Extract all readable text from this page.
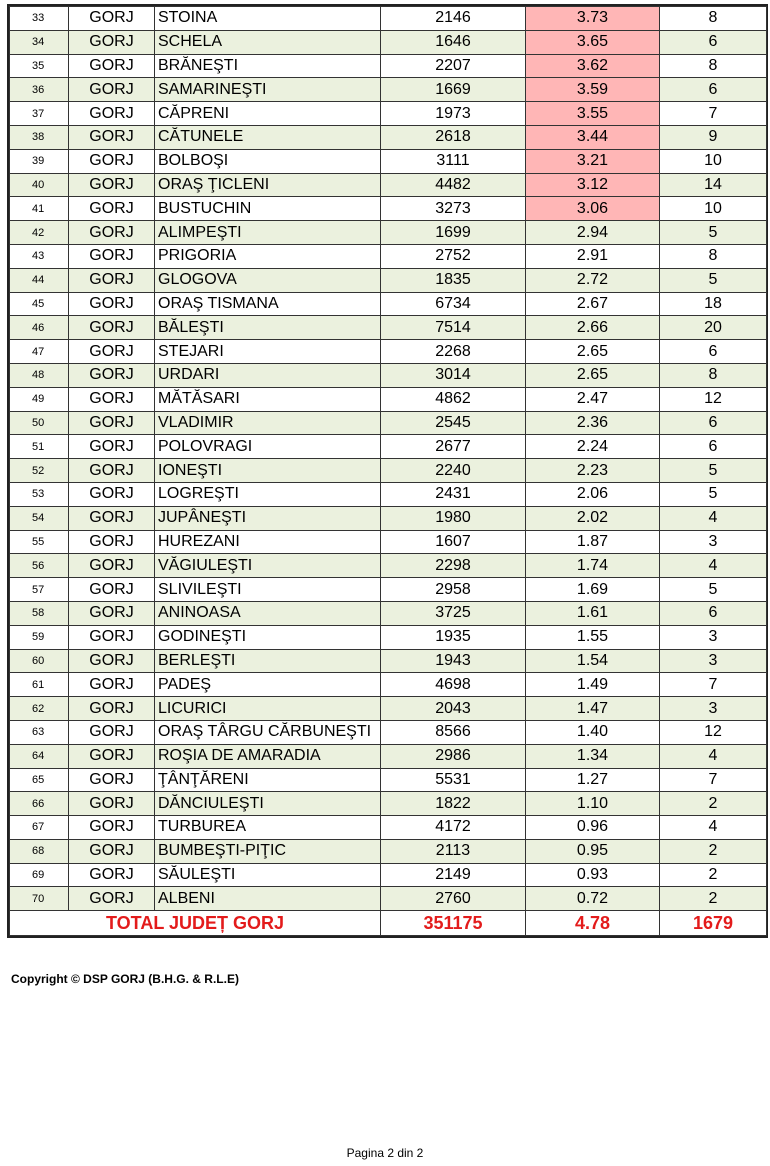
33	GORJ	STOINA	2146	3.73	8
34	GORJ	SCHELA	1646	3.65	6
35	GORJ	BRĂNEŞTI	2207	3.62	8
36	GORJ	SAMARINEŞTI	1669	3.59	6
37	GORJ	CĂPRENI	1973	3.55	7
38	GORJ	CĂTUNELE	2618	3.44	9
39	GORJ	BOLBOŞI	3111	3.21	10
40	GORJ	ORAŞ ŢICLENI	4482	3.12	14
41	GORJ	BUSTUCHIN	3273	3.06	10
42	GORJ	ALIMPEŞTI	1699	2.94	5
43	GORJ	PRIGORIA	2752	2.91	8
44	GORJ	GLOGOVA	1835	2.72	5
45	GORJ	ORAŞ TISMANA	6734	2.67	18
46	GORJ	BĂLEŞTI	7514	2.66	20
47	GORJ	STEJARI	2268	2.65	6
48	GORJ	URDARI	3014	2.65	8
49	GORJ	MĂTĂSARI	4862	2.47	12
50	GORJ	VLADIMIR	2545	2.36	6
51	GORJ	POLOVRAGI	2677	2.24	6
52	GORJ	IONEŞTI	2240	2.23	5
53	GORJ	LOGREŞTI	2431	2.06	5
54	GORJ	JUPÂNEŞTI	1980	2.02	4
55	GORJ	HUREZANI	1607	1.87	3
56	GORJ	VĂGIULEŞTI	2298	1.74	4
57	GORJ	SLIVILEŞTI	2958	1.69	5
58	GORJ	ANINOASA	3725	1.61	6
59	GORJ	GODINEŞTI	1935	1.55	3
60	GORJ	BERLEŞTI	1943	1.54	3
61	GORJ	PADEŞ	4698	1.49	7
62	GORJ	LICURICI	2043	1.47	3
63	GORJ	ORAŞ TÂRGU CĂRBUNEŞTI	8566	1.40	12
64	GORJ	ROŞIA DE AMARADIA	2986	1.34	4
65	GORJ	ŢÂNŢĂRENI	5531	1.27	7
66	GORJ	DĂNCIULEŞTI	1822	1.10	2
67	GORJ	TURBUREA	4172	0.96	4
68	GORJ	BUMBEŞTI-PIŢIC	2113	0.95	2
69	GORJ	SĂULEŞTI	2149	0.93	2
70	GORJ	ALBENI	2760	0.72	2
TOTAL JUDEȚ GORJ			351175	4.78	1679
Copyright © DSP GORJ (B.H.G. & R.L.E)
Pagina 2 din 2
